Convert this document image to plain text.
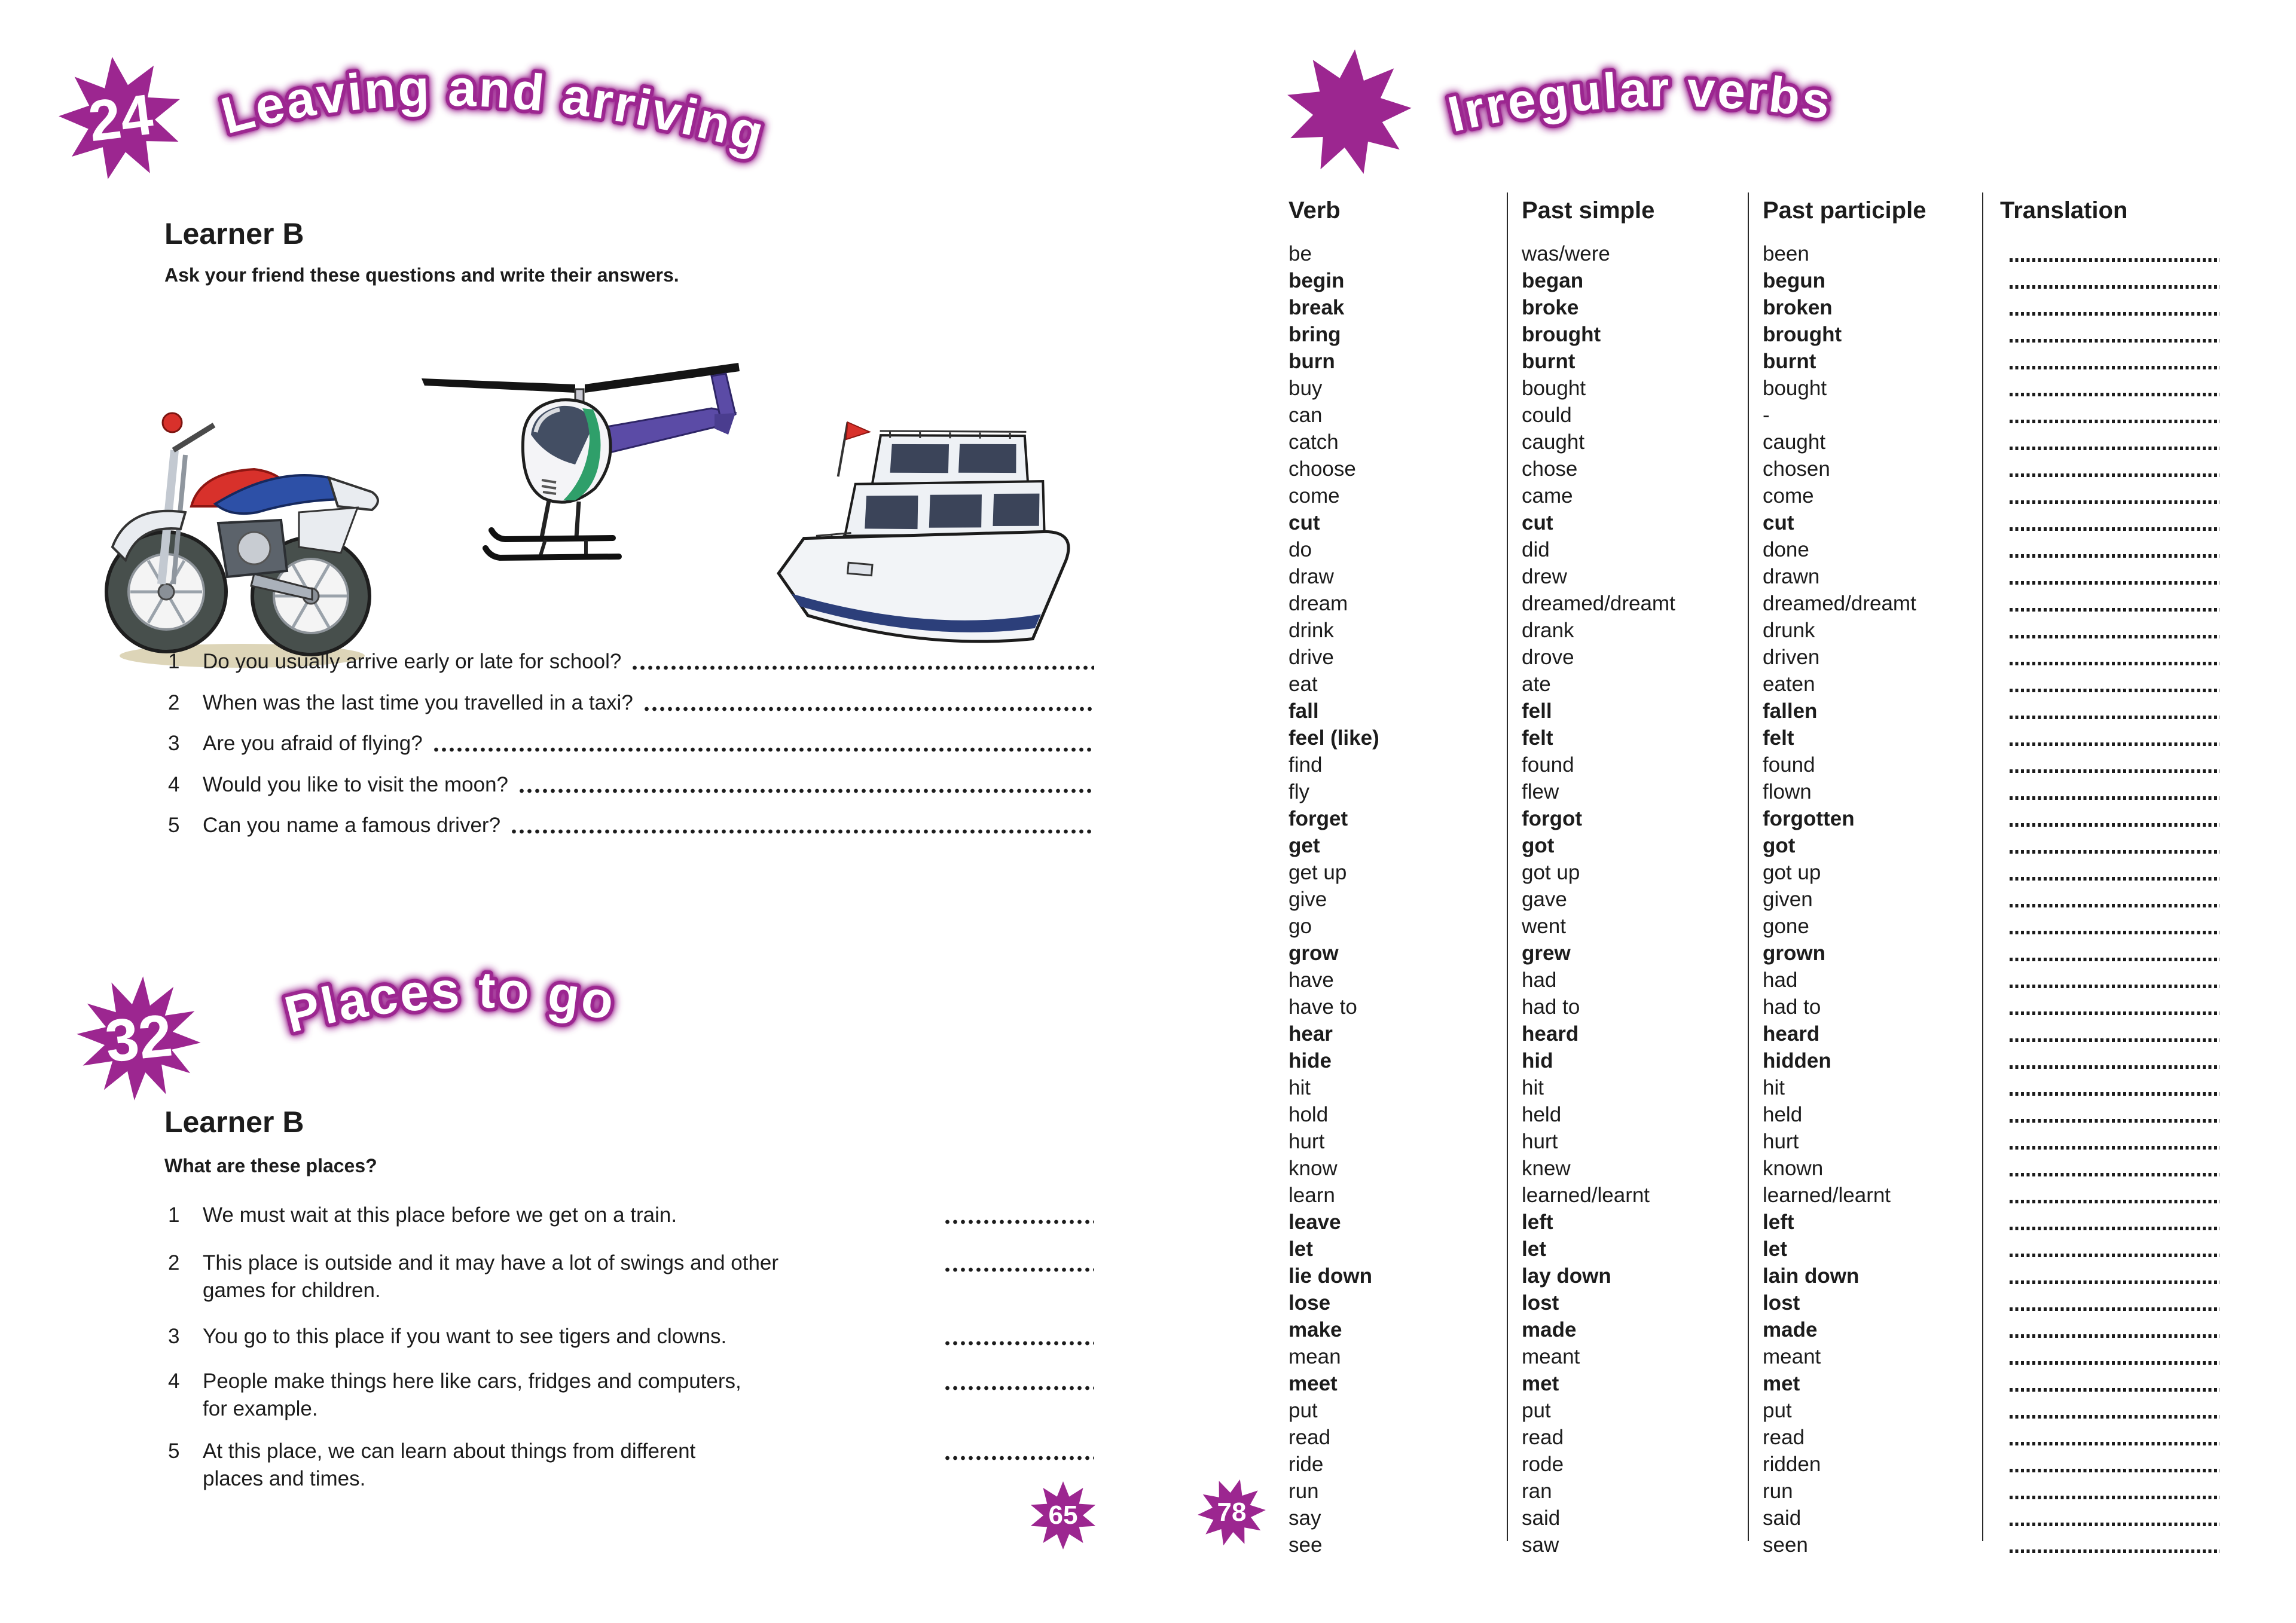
24	Leaving and arriving
Learner B
Ask your friend these questions and write their answers.
1	Do you usually arrive early or late for school?
2	When was the last time you travelled in a taxi?
3	Are you afraid of flying?
4	Would you like to visit the moon?
5	Can you name a famous driver?
32	Places to go
Learner B
What are these places?
1 We must wait at this place before we get on a train.
2 This place is outside and it may have a lot of swings and other
games for children.
3 You go to this place if you want to see tigers and clowns.
4 People make things here like cars, fridges and computers,
for example.
5 At this place, we can learn about things from different
places and times.
65
Irregular verbs
Verb	Past simple	Past participle	Translation
be	was/were	been
begin	began	begun
break	broke	broken
bring	brought	brought
burn	burnt	burnt
buy	bought	bought
can	could	-
catch	caught	caught
choose	chose	chosen
come	came	come
cut	cut	cut
do	did	done
draw	drew	drawn
dream	dreamed/dreamt	dreamed/dreamt
drink	drank	drunk
drive	drove	driven
eat	ate	eaten
fall	fell	fallen
feel (like)	felt	felt
find	found	found
fly	flew	flown
forget	forgot	forgotten
get	got	got
get up	got up	got up
give	gave	given
go	went	gone
grow	grew	grown
have	had	had
have to	had to	had to
hear	heard	heard
hide	hid	hidden
hit	hit	hit
hold	held	held
hurt	hurt	hurt
know	knew	known
learn	learned/learnt	learned/learnt
leave	left	left
let	let	let
lie down	lay down	lain down
lose	lost	lost
make	made	made
mean	meant	meant
meet	met	met
put	put	put
read	read	read
ride	rode	ridden
run	ran	run
say	said	said
see	saw	seen
78
